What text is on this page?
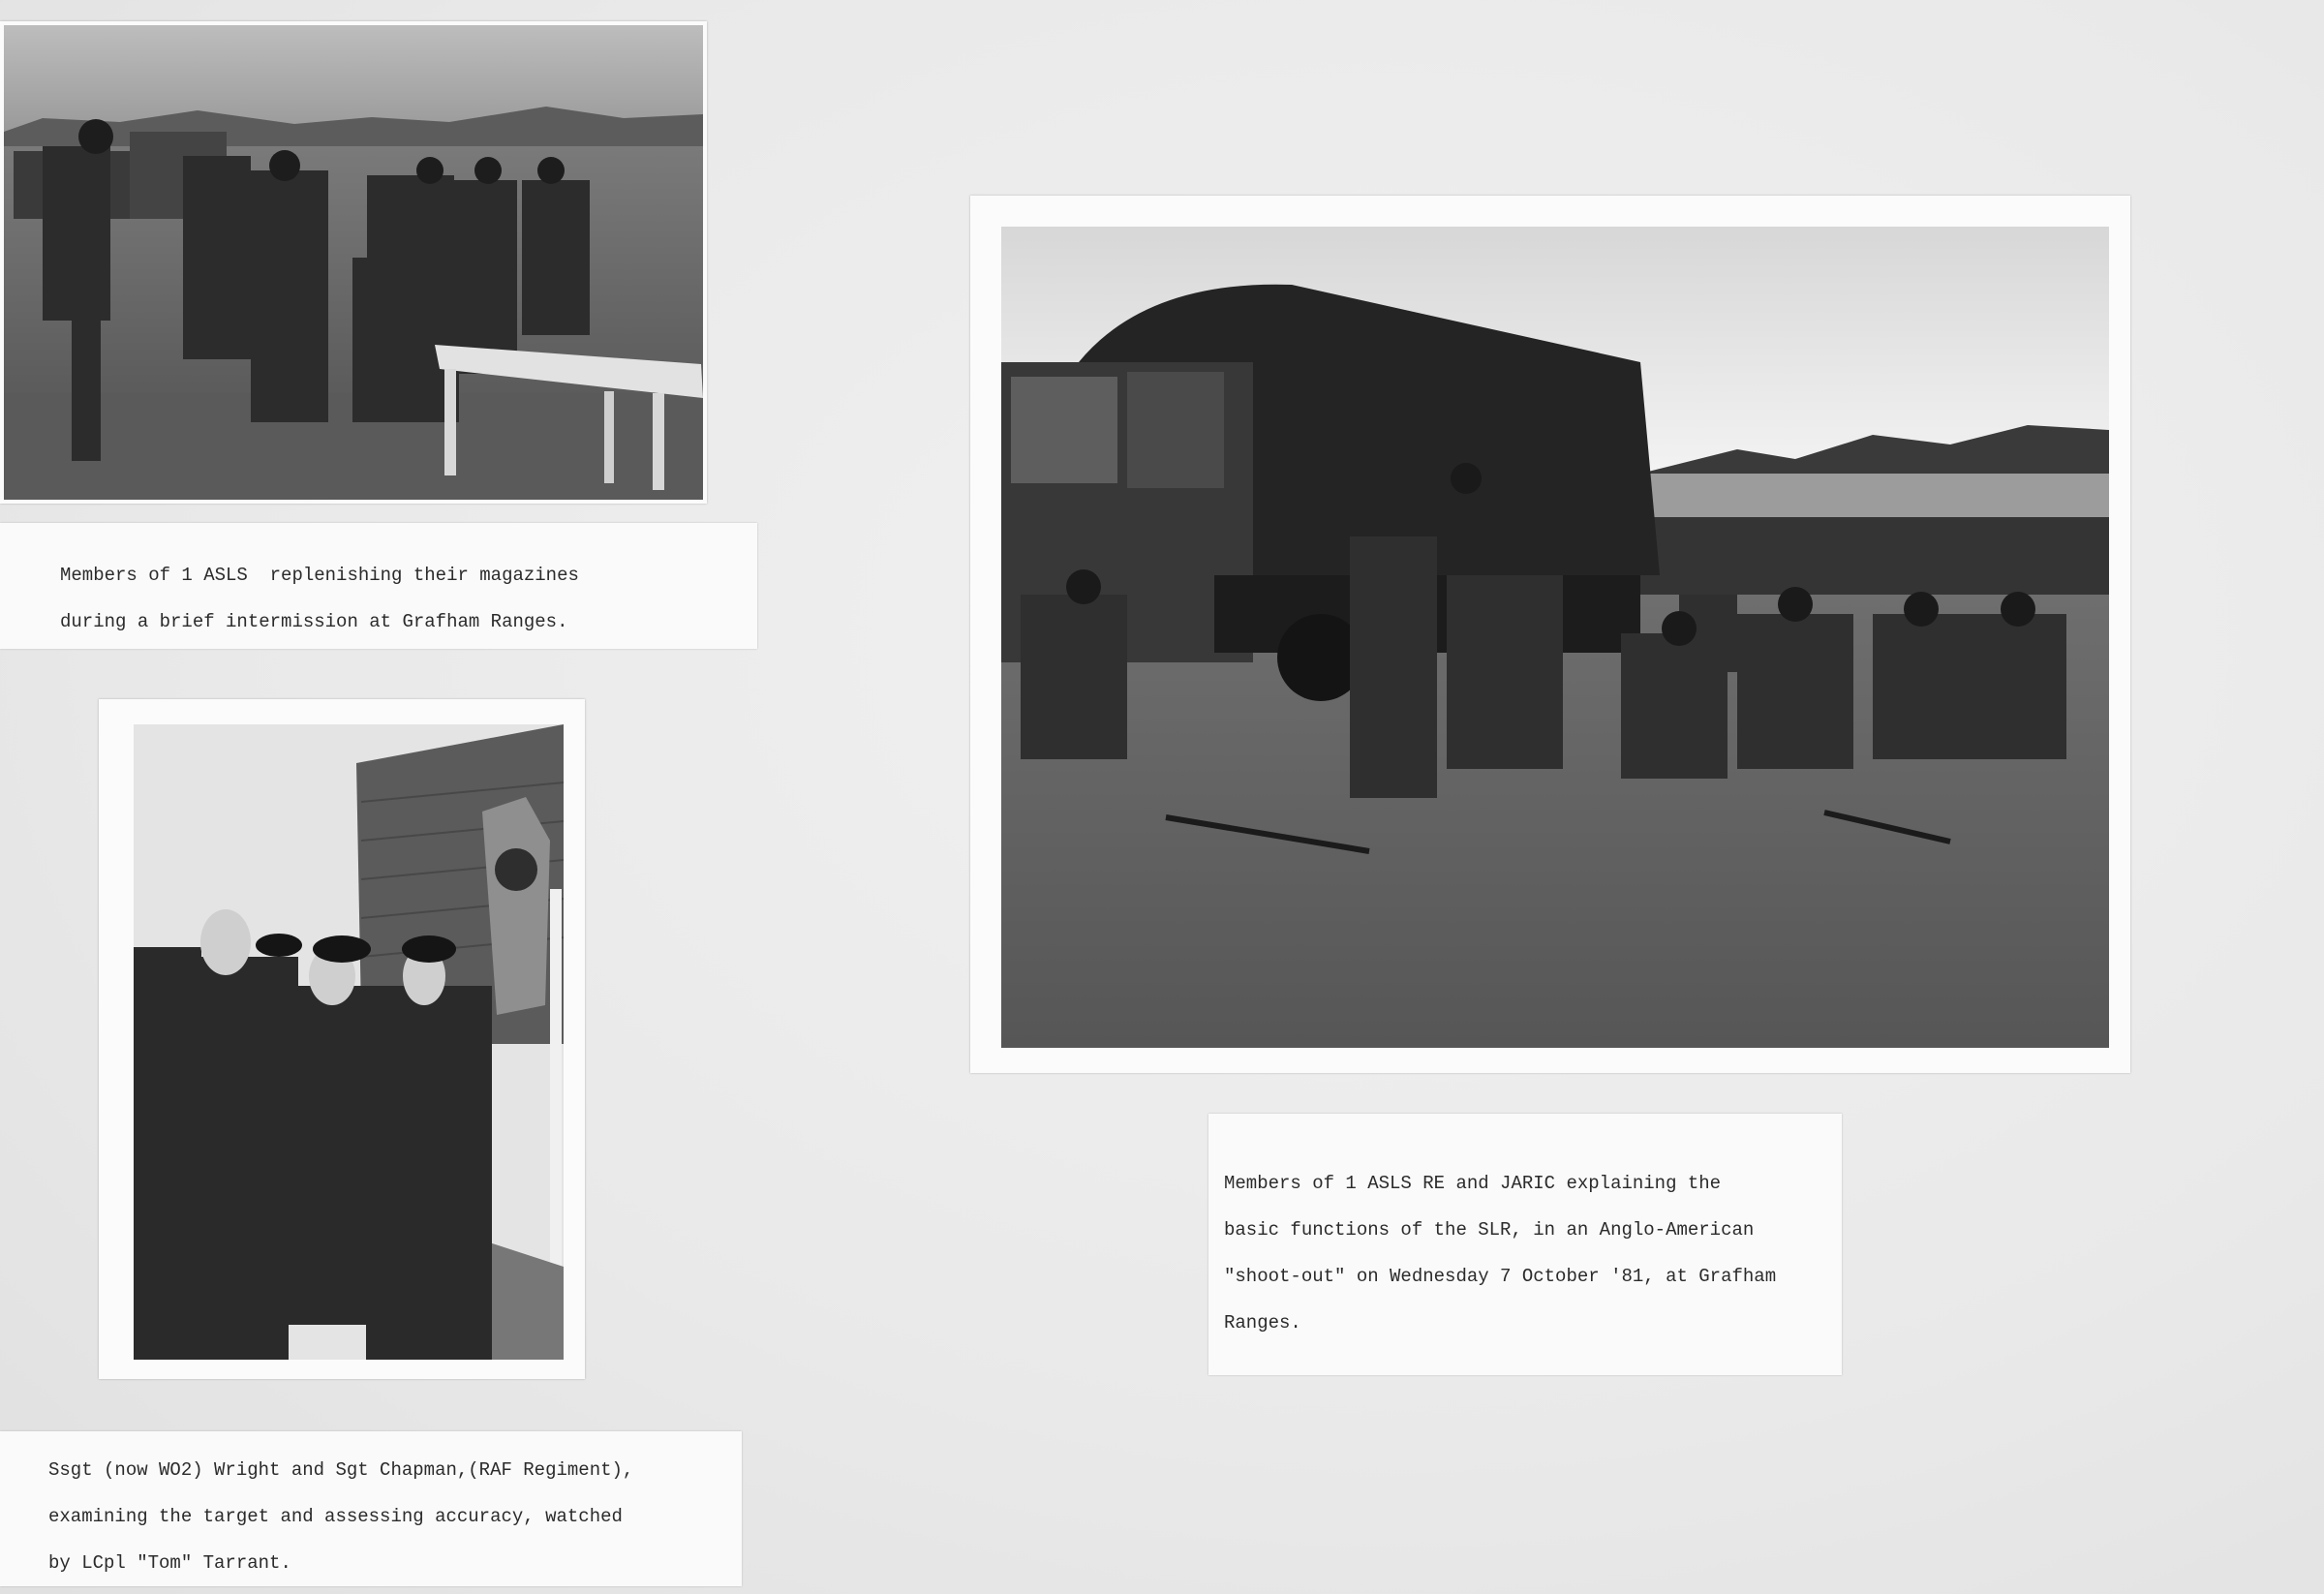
Members of 1 ASLS  replenishing their magazines
during a brief intermission at Grafham Ranges.
Ssgt (now WO2) Wright and Sgt Chapman,(RAF Regiment),
examining the target and assessing accuracy, watched
by LCpl "Tom" Tarrant.
Members of 1 ASLS RE and JARIC explaining the
basic functions of the SLR, in an Anglo-American
"shoot-out" on Wednesday 7 October '81, at Grafham
Ranges.
